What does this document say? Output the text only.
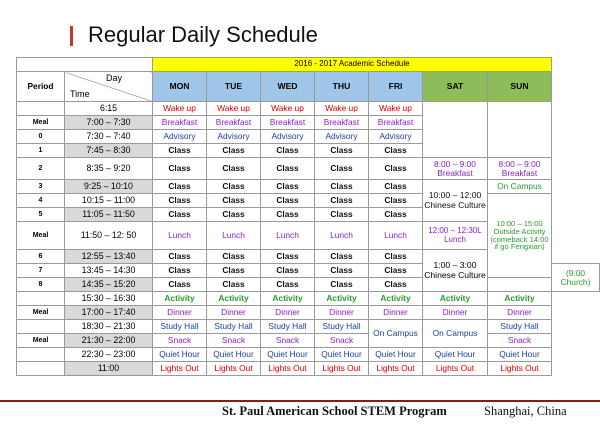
Regular Daily Schedule
		2016 - 2017 Academic Schedule							
Period	Day
Time	MON	TUE	WED	THU	FRI	SAT	SUN	
	6:15	Wake up	Wake up	Wake up	Wake up	Wake up			
Meal	7:00 – 7:30	Breakfast	Breakfast	Breakfast	Breakfast	Breakfast			
0	7:30 – 7:40	Advisory	Advisory	Advisory	Advisory	Advisory			
1	7:45 – 8:30	Class	Class	Class	Class	Class			
2	8:35 – 9:20	Class	Class	Class	Class	Class	8:00 – 9:00 Breakfast	8:00 – 9:00 Breakfast	
3	9:25 – 10:10	Class	Class	Class	Class	Class	10:00 – 12:00 Chinese Culture	On Campus	
4	10:15 – 11:00	Class	Class	Class	Class	Class		10:00 – 15:00 Outside Activity (comeback 14:00 if go Fengxian)	
5	11:05 – 11:50	Class	Class	Class	Class	Class			
Meal	11:50 – 12: 50	Lunch	Lunch	Lunch	Lunch	Lunch	12:00 – 12:30L Lunch		
6	12:55 – 13:40	Class	Class	Class	Class	Class	1:00 – 3:00 Chinese Culture		
7	13:45 – 14:30	Class	Class	Class	Class	Class			(9:00 Church)
8	14:35 – 15:20	Class	Class	Class	Class	Class			
	15:30 – 16:30	Activity	Activity	Activity	Activity	Activity	Activity	Activity	
Meal	17:00 – 17:40	Dinner	Dinner	Dinner	Dinner	Dinner	Dinner	Dinner	
	18:30 – 21:30	Study Hall	Study Hall	Study Hall	Study Hall	On Campus	On Campus	Study Hall	
Meal	21:30 – 22:00	Snack	Snack	Snack	Snack			Snack	
	22:30 – 23:00	Quiet Hour	Quiet Hour	Quiet Hour	Quiet Hour	Quiet Hour	Quiet Hour	Quiet Hour	
	11:00	Lights Out	Lights Out	Lights Out	Lights Out	Lights Out	Lights Out	Lights Out	
St. Paul American School STEM Program	Shanghai, China
